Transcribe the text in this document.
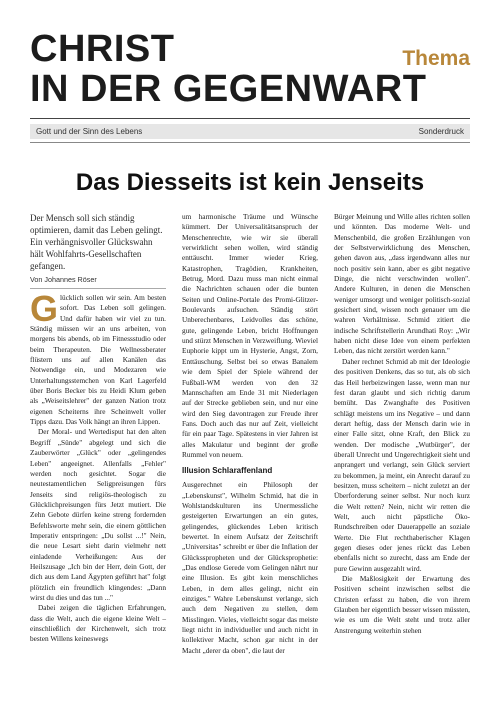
CHRIST
IN DER GEGENWART
Thema
Gott und der Sinn des Lebens	Sonderdruck
Das Diesseits ist kein Jenseits
Der Mensch soll sich ständig optimieren, damit das Leben gelingt. Ein verhängnisvoller Glückswahn hält Wohlfahrts-Gesellschaften gefangen.
Von Johannes Röser

Glücklich sollen wir sein. Am besten sofort. Das Leben soll gelingen. Und dafür haben wir viel zu tun. Ständig müssen wir an uns arbeiten, von morgens bis abends, ob im Fitnessstudio oder beim Therapeuten. Die Wellnessberater flüstern uns auf allen Kanälen das Notwendige ein, und Modezaren wie Unterhaltungsstemchen von Karl Lagerfeld über Boris Becker bis zu Heidi Klum geben als „Weiseitslehrer" der ganzen Nation trotz eigenen Scheiterns ihre Scheinwelt voller Tipps dazu. Das Volk hängt an ihren Lippen.

Der Moral- und Wertedisput hat den alten Begriff „Sünde" abgelegt und sich die Zauberwörter „Glück" oder „gelingendes Leben" angeeignet. Allenfalls „Fehler" werden noch gesichtet. Sogar die neutestamentlichen Seligpreisungen fürs Jenseits sind religiös-theologisch zu Glücklichpreisungen fürs Jetzt mutiert. Die Zehn Gebote dürfen keine streng fordernden Befehlsworte mehr sein, die einem göttlichen Imperativ entspringen: „Du sollst ...!" Nein, die neue Lesart sieht darin vielmehr nett einladende Verheißungen: Aus der Heilszusage „Ich bin der Herr, dein Gott, der dich aus dem Land Ägypten geführt hat" folgt plötzlich ein freundlich klingendes: „Dann wirst du dies und das tun ..."

Dabei zeigen die täglichen Erfahrungen, dass die Welt, auch die eigene kleine Welt – einschließlich der Kirchenwelt, sich trotz besten Willens keineswegs

um harmonische Träume und Wünsche kümmert. Der Universalitätsanspruch der Menschenrechte, wie wir sie überall verwirklicht sehen wollen, wird ständig enttäuscht. Immer wieder Krieg, Katastrophen, Tragödien, Krankheiten, Betrug, Mord. Dazu muss man nicht einmal die Nachrichten schauen oder die bunten Seiten und Online-Portale des Promi-Glitzer-Boulevards aufsuchen. Ständig stört Unberechenbares, Leidvolles das schöne, gute, gelingende Leben, bricht Hoffnungen und stürzt Menschen in Verzweiflung. Wieviel Euphorie kippt um in Hysterie, Angst, Zorn, Enttäuschung. Selbst bei so etwas Banalem wie dem Spiel der Spiele während der Fußball-WM werden von den 32 Mannschaften am Ende 31 mit Niederlagen auf der Strecke geblieben sein, und nur eine wird den Sieg davontragen zur Freude ihrer Fans. Doch auch das nur auf Zeit, vielleicht für ein paar Tage. Spätestens in vier Jahren ist alles Makulatur und beginnt der große Rummel von neuem.

Illusion Schlaraffenland

Ausgerechnet ein Philosoph der „Lebenskunst", Wilhelm Schmid, hat die in Wohlstandskulturen ins Unermessliche gesteigerten Erwartungen an ein gutes, gelingendes, glückendes Leben kritisch bewertet. In einem Aufsatz der Zeitschrift „Universitas" schreibt er über die Inflation der Glücksspropheten und der Glücksprophetie: „Das endlose Gerede vom Gelingen nährt nur eine Illusion. Es gibt kein menschliches Leben, in dem alles gelingt, nicht ein einziges." Wahre Lebenskunst verlange, sich auch dem Negativen zu stellen, dem Misslingen. Vieles, vielleicht sogar das meiste liegt nicht in individueller und auch nicht in kollektiver Macht, schon gar nicht in der Macht „derer da oben", die laut der

Bürger Meinung und Wille alles richten sollen und könnten. Das moderne Welt- und Menschenbild, die großen Erzählungen von der Selbstverwirklichung des Menschen, gehen davon aus, „dass irgendwann alles nur noch positiv sein kann, aber es gibt negative Dinge, die nicht verschwinden wollen". Andere Kulturen, in denen die Menschen weniger umsorgt und weniger politisch-sozial gesichert sind, wissen noch genauer um die wahren Verhältnisse. Schmid zitiert die indische Schriftstellerin Arundhati Roy: „Wir haben nicht diese Idee von einem perfekten Leben, das nicht zerstört werden kann."

Daher rechnet Schmid ab mit der Ideologie des positiven Denkens, das so tut, als ob sich das Heil herbeizwingen lasse, wenn man nur fest daran glaubt und sich richtig darum bemüht. Das Zwanghafte des Positiven schlägt meistens um ins Negative – und dann derart heftig, dass der Mensch darin wie in einer Falle sitzt, ohne Kraft, den Blick zu wenden. Der modische „Wutbürger", der überall Unrecht und Ungerechtigkeit sieht und anprangert und verlangt, sein Glück serviert zu bekommen, ja meint, ein Anrecht darauf zu besitzen, muss scheitern – nicht zuletzt an der Überforderung seiner selbst. Nur noch kurz die Welt retten? Nein, nicht wir retten die Welt, auch nicht päpstliche Öko-Rundschreiben oder Dauerappelle an soziale Werte. Die Flut rechthaberischer Klagen gegen dieses oder jenes rückt das Leben ebenfalls nicht so zurecht, dass am Ende der pure Gewinn ausgezahlt wird.

Die Maßlosigkeit der Erwartung des Positiven scheint inzwischen selbst die Christen erfasst zu haben, die von ihrem Glauben her eigentlich besser wissen müssten, wie es um die Welt steht und trotz aller Anstrengung weiterhin stehen
